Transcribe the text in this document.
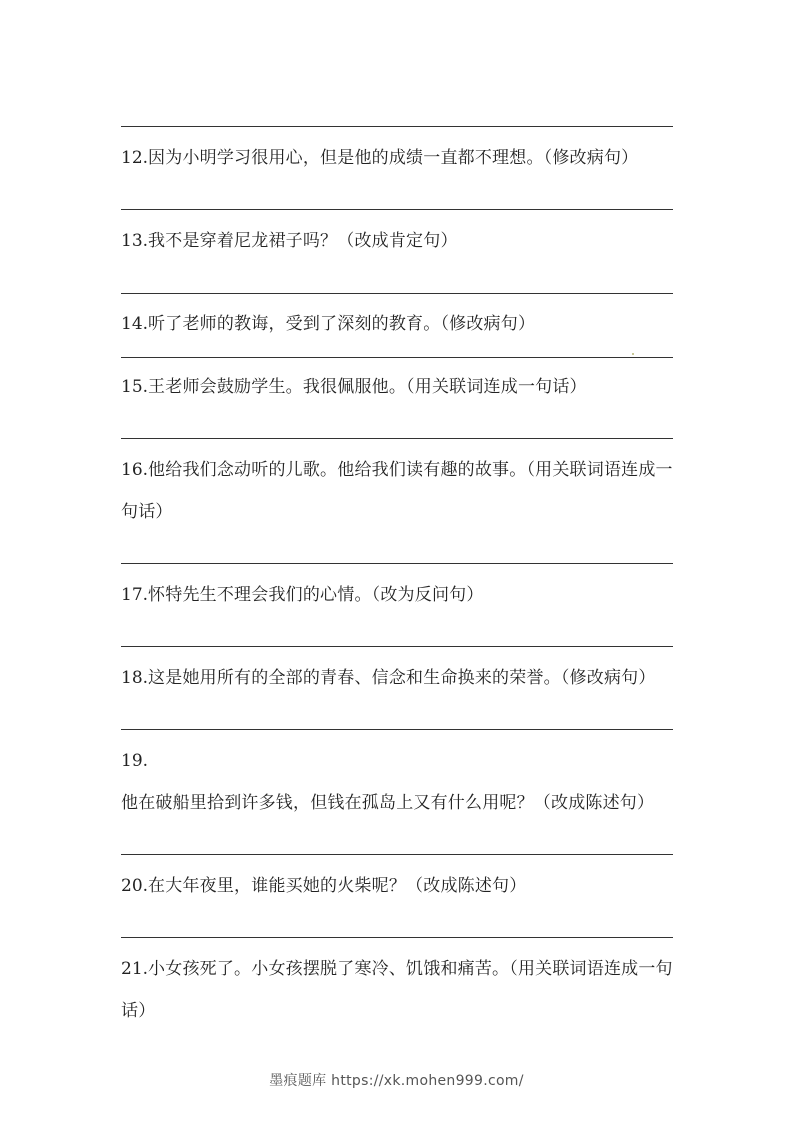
12.因为小明学习很用心，但是他的成绩一直都不理想。（修改病句）
13.我不是穿着尼龙裙子吗？（改成肯定句）
14.听了老师的教诲，受到了深刻的教育。（修改病句）
15.王老师会鼓励学生。我很佩服他。（用关联词连成一句话）
16.他给我们念动听的儿歌。他给我们读有趣的故事。（用关联词语连成一句话）
17.怀特先生不理会我们的心情。（改为反问句）
18.这是她用所有的全部的青春、信念和生命换来的荣誉。（修改病句）
19.他在破船里拾到许多钱，但钱在孤岛上又有什么用呢？（改成陈述句）
20.在大年夜里，谁能买她的火柴呢？（改成陈述句）
21.小女孩死了。小女孩摆脱了寒冷、饥饿和痛苦。（用关联词语连成一句话）
墨痕题库 https://xk.mohen999.com/
